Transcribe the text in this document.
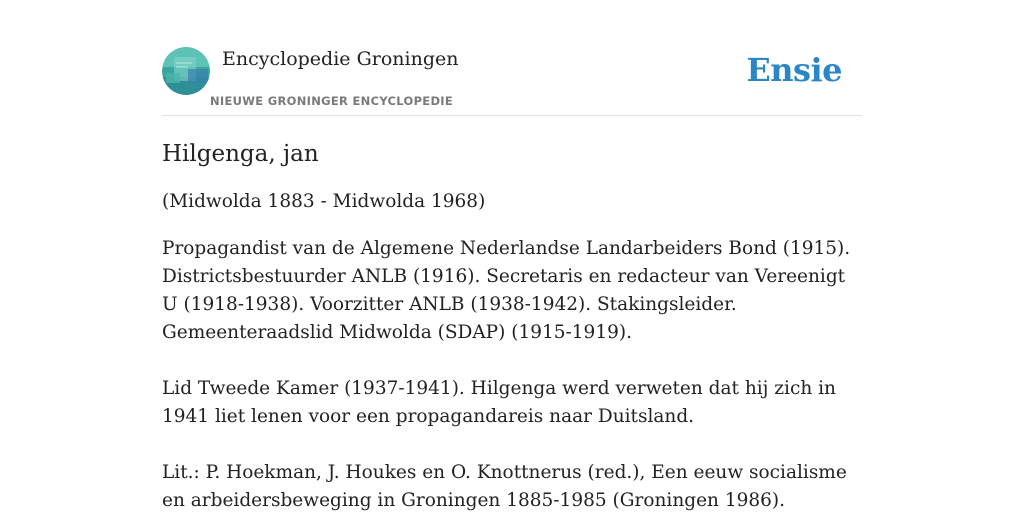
Encyclopedie Groningen
NIEUWE GRONINGER ENCYCLOPEDIE
Ensie
Hilgenga, jan

(Midwolda 1883 - Midwolda 1968)

Propagandist van de Algemene Nederlandse Landarbeiders Bond (1915). Districtsbestuurder ANLB (1916). Secretaris en redacteur van Vereenigt U (1918-1938). Voorzitter ANLB (1938-1942). Stakingsleider. Gemeenteraadslid Midwolda (SDAP) (1915-1919).

Lid Tweede Kamer (1937-1941). Hilgenga werd verweten dat hij zich in 1941 liet lenen voor een propagandareis naar Duitsland.

Lit.: P. Hoekman, J. Houkes en O. Knottnerus (red.), Een eeuw socialisme en arbeidersbeweging in Groningen 1885-1985 (Groningen 1986).
